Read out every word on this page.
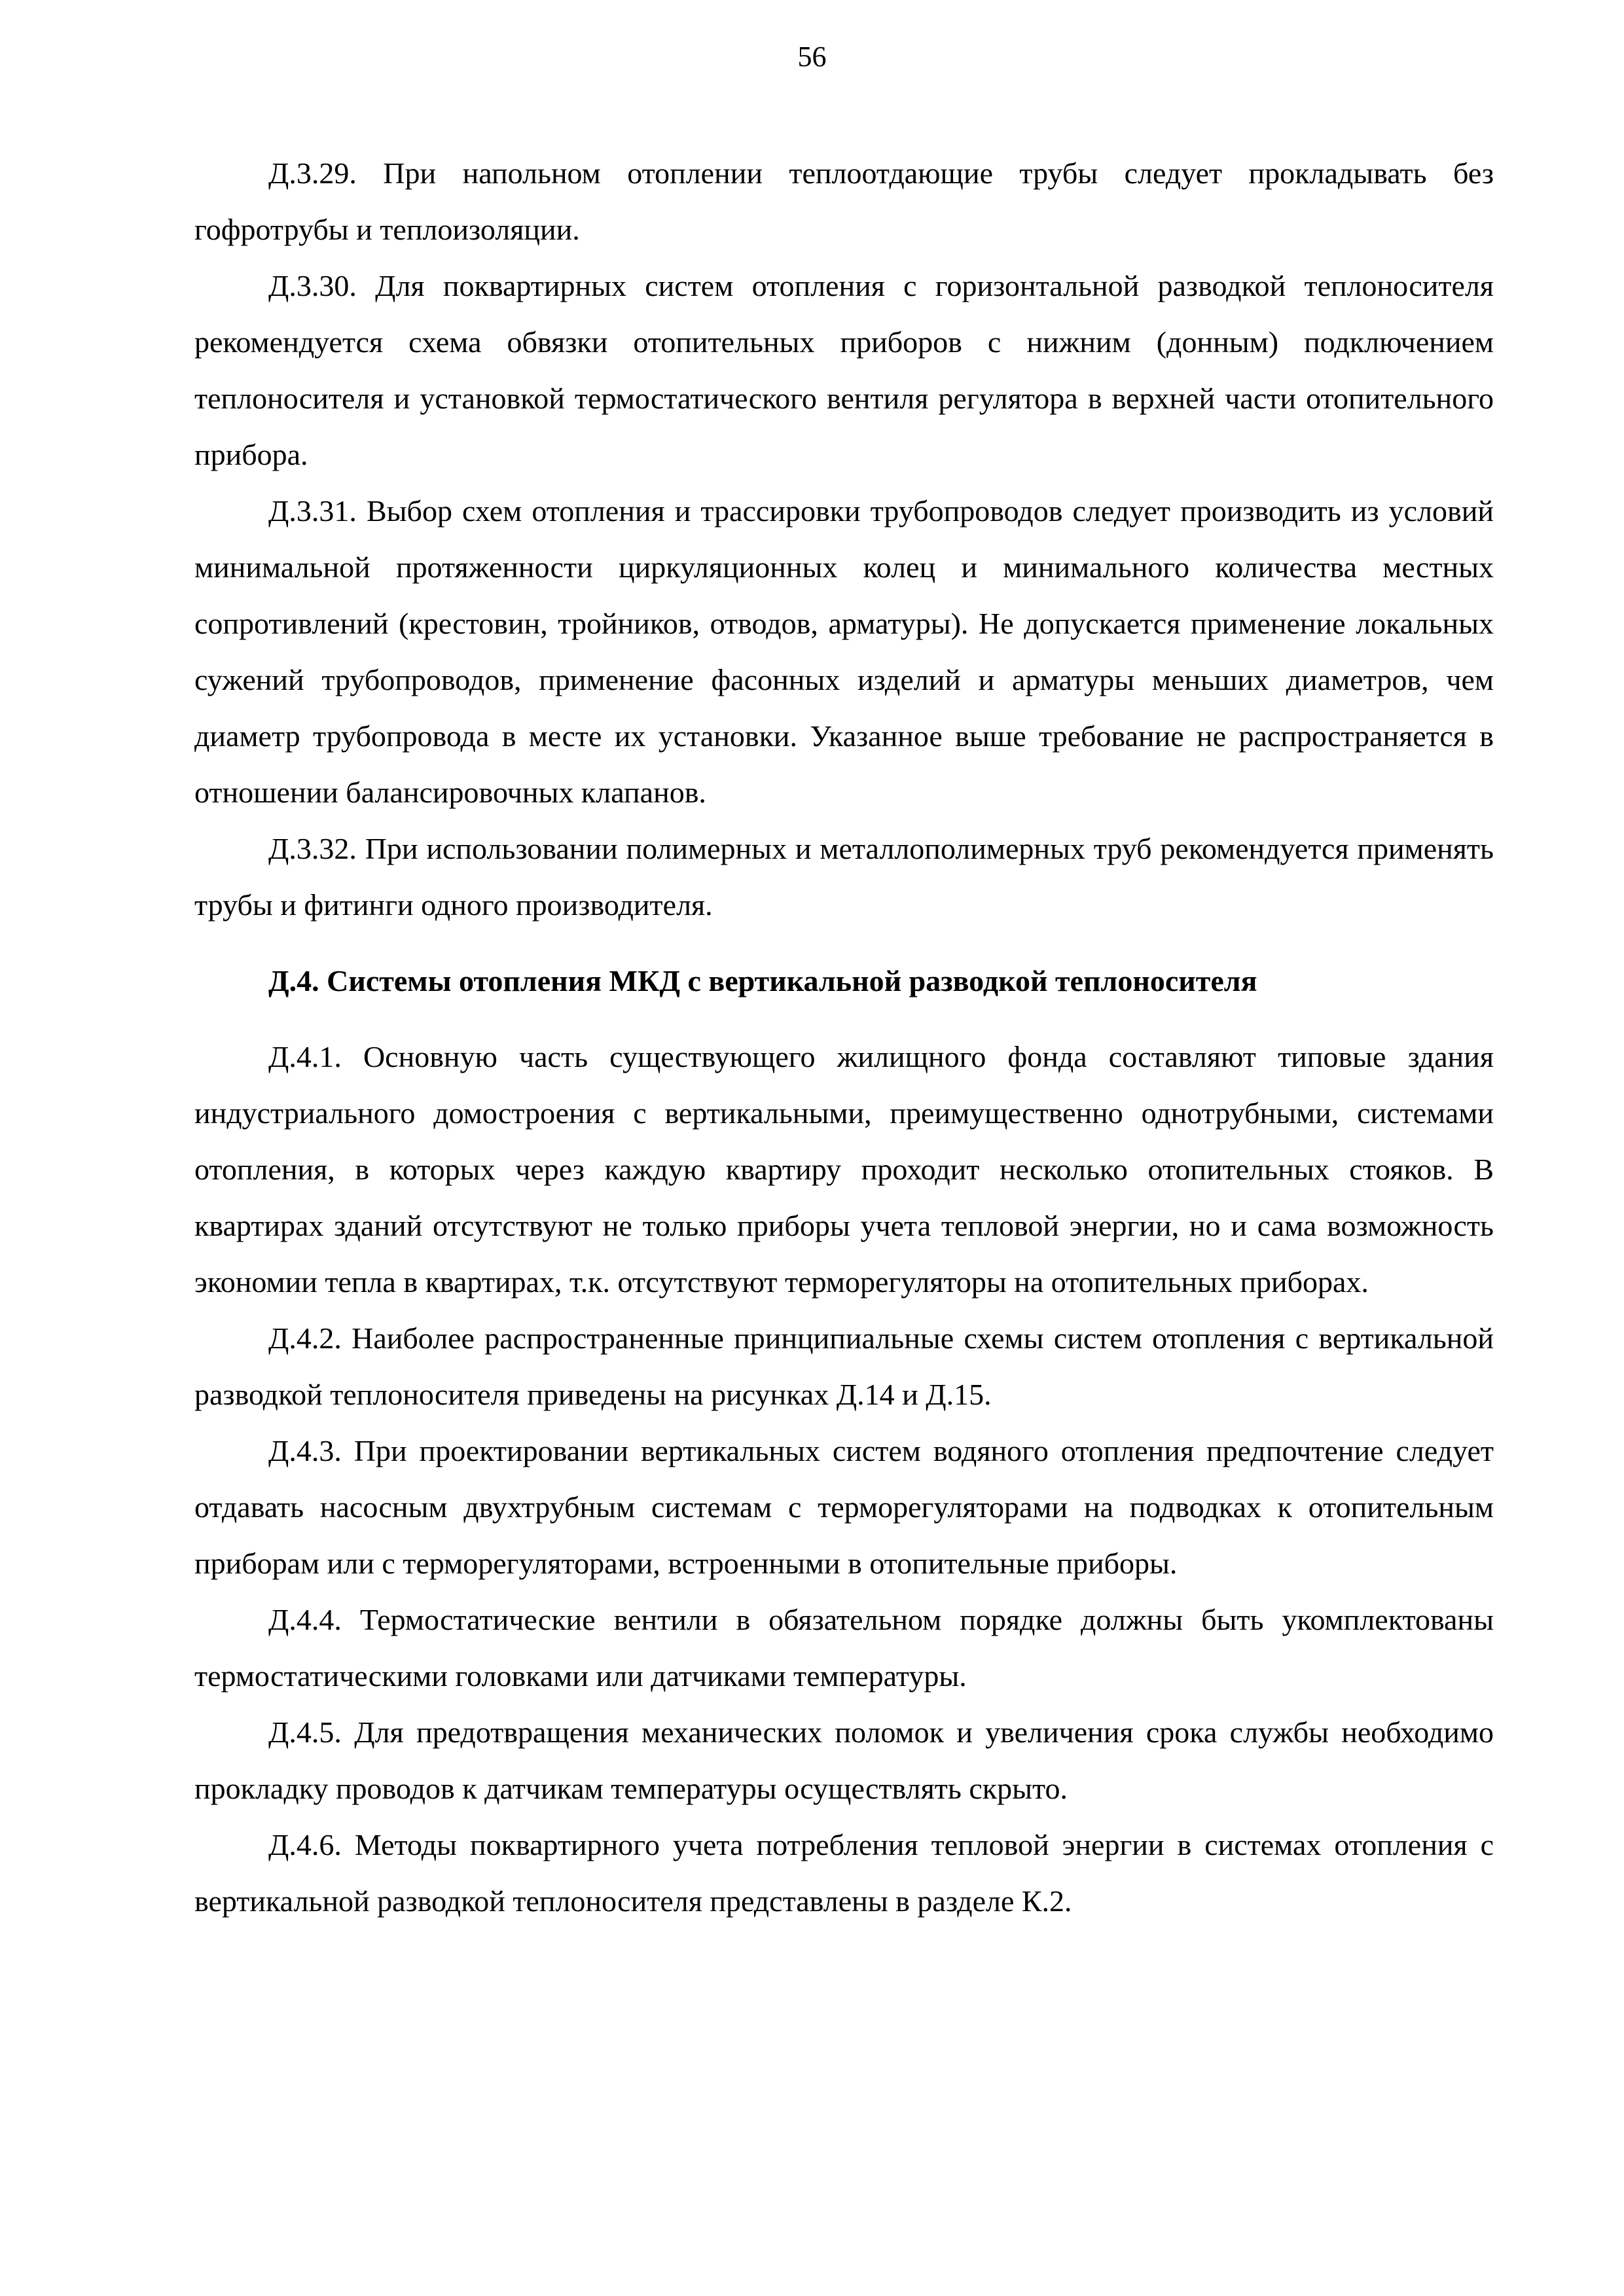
56

Д.3.29. При напольном отоплении теплоотдающие трубы следует прокладывать без гофротрубы и теплоизоляции.

Д.3.30. Для поквартирных систем отопления с горизонтальной разводкой теплоносителя рекомендуется схема обвязки отопительных приборов с нижним (донным) подключением теплоносителя и установкой термостатического вентиля регулятора в верхней части отопительного прибора.

Д.3.31. Выбор схем отопления и трассировки трубопроводов следует производить из условий минимальной протяженности циркуляционных колец и минимального количества местных сопротивлений (крестовин, тройников, отводов, арматуры). Не допускается применение локальных сужений трубопроводов, применение фасонных изделий и арматуры меньших диаметров, чем диаметр трубопровода в месте их установки. Указанное выше требование не распространяется в отношении балансировочных клапанов.

Д.3.32. При использовании полимерных и металлополимерных труб рекомендуется применять трубы и фитинги одного производителя.

Д.4. Системы отопления МКД с вертикальной разводкой теплоносителя

Д.4.1. Основную часть существующего жилищного фонда составляют типовые здания индустриального домостроения с вертикальными, преимущественно однотрубными, системами отопления, в которых через каждую квартиру проходит несколько отопительных стояков. В квартирах зданий отсутствуют не только приборы учета тепловой энергии, но и сама возможность экономии тепла в квартирах, т.к. отсутствуют терморегуляторы на отопительных приборах.

Д.4.2. Наиболее распространенные принципиальные схемы систем отопления с вертикальной разводкой теплоносителя приведены на рисунках Д.14 и Д.15.

Д.4.3. При проектировании вертикальных систем водяного отопления предпочтение следует отдавать насосным двухтрубным системам с терморегуляторами на подводках к отопительным приборам или с терморегуляторами, встроенными в отопительные приборы.

Д.4.4. Термостатические вентили в обязательном порядке должны быть укомплектованы термостатическими головками или датчиками температуры.

Д.4.5. Для предотвращения механических поломок и увеличения срока службы необходимо прокладку проводов к датчикам температуры осуществлять скрыто.

Д.4.6. Методы поквартирного учета потребления тепловой энергии в системах отопления с вертикальной разводкой теплоносителя представлены в разделе К.2.
